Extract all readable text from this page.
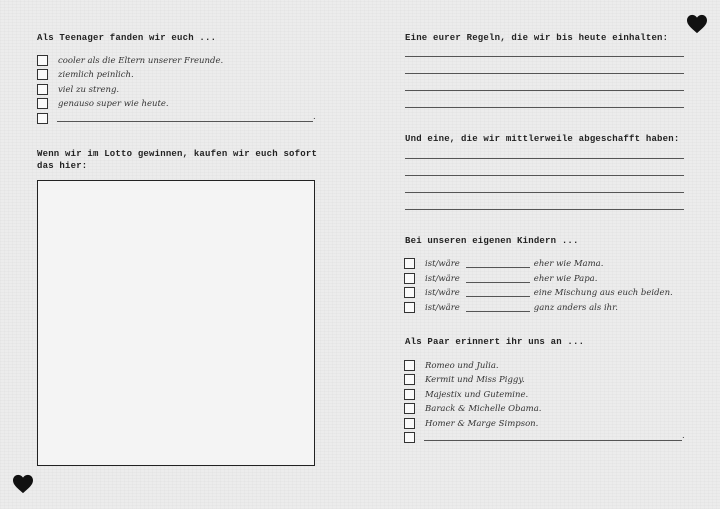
Als Teenager fanden wir euch ...
cooler als die Eltern unserer Freunde.
ziemlich peinlich.
viel zu streng.
genauso super wie heute.
.
Wenn wir im Lotto gewinnen, kaufen wir euch sofort
das hier:
Eine eurer Regeln, die wir bis heute einhalten:
Und eine, die wir mittlerweile abgeschafft haben:
Bei unseren eigenen Kindern ...
ist/wäre	eher wie Mama.
ist/wäre	eher wie Papa.
ist/wäre	eine Mischung aus euch beiden.
ist/wäre	ganz anders als ihr.
Als Paar erinnert ihr uns an ...
Romeo und Julia.
Kermit und Miss Piggy.
Majestix und Gutemine.
Barack & Michelle Obama.
Homer & Marge Simpson.
.
